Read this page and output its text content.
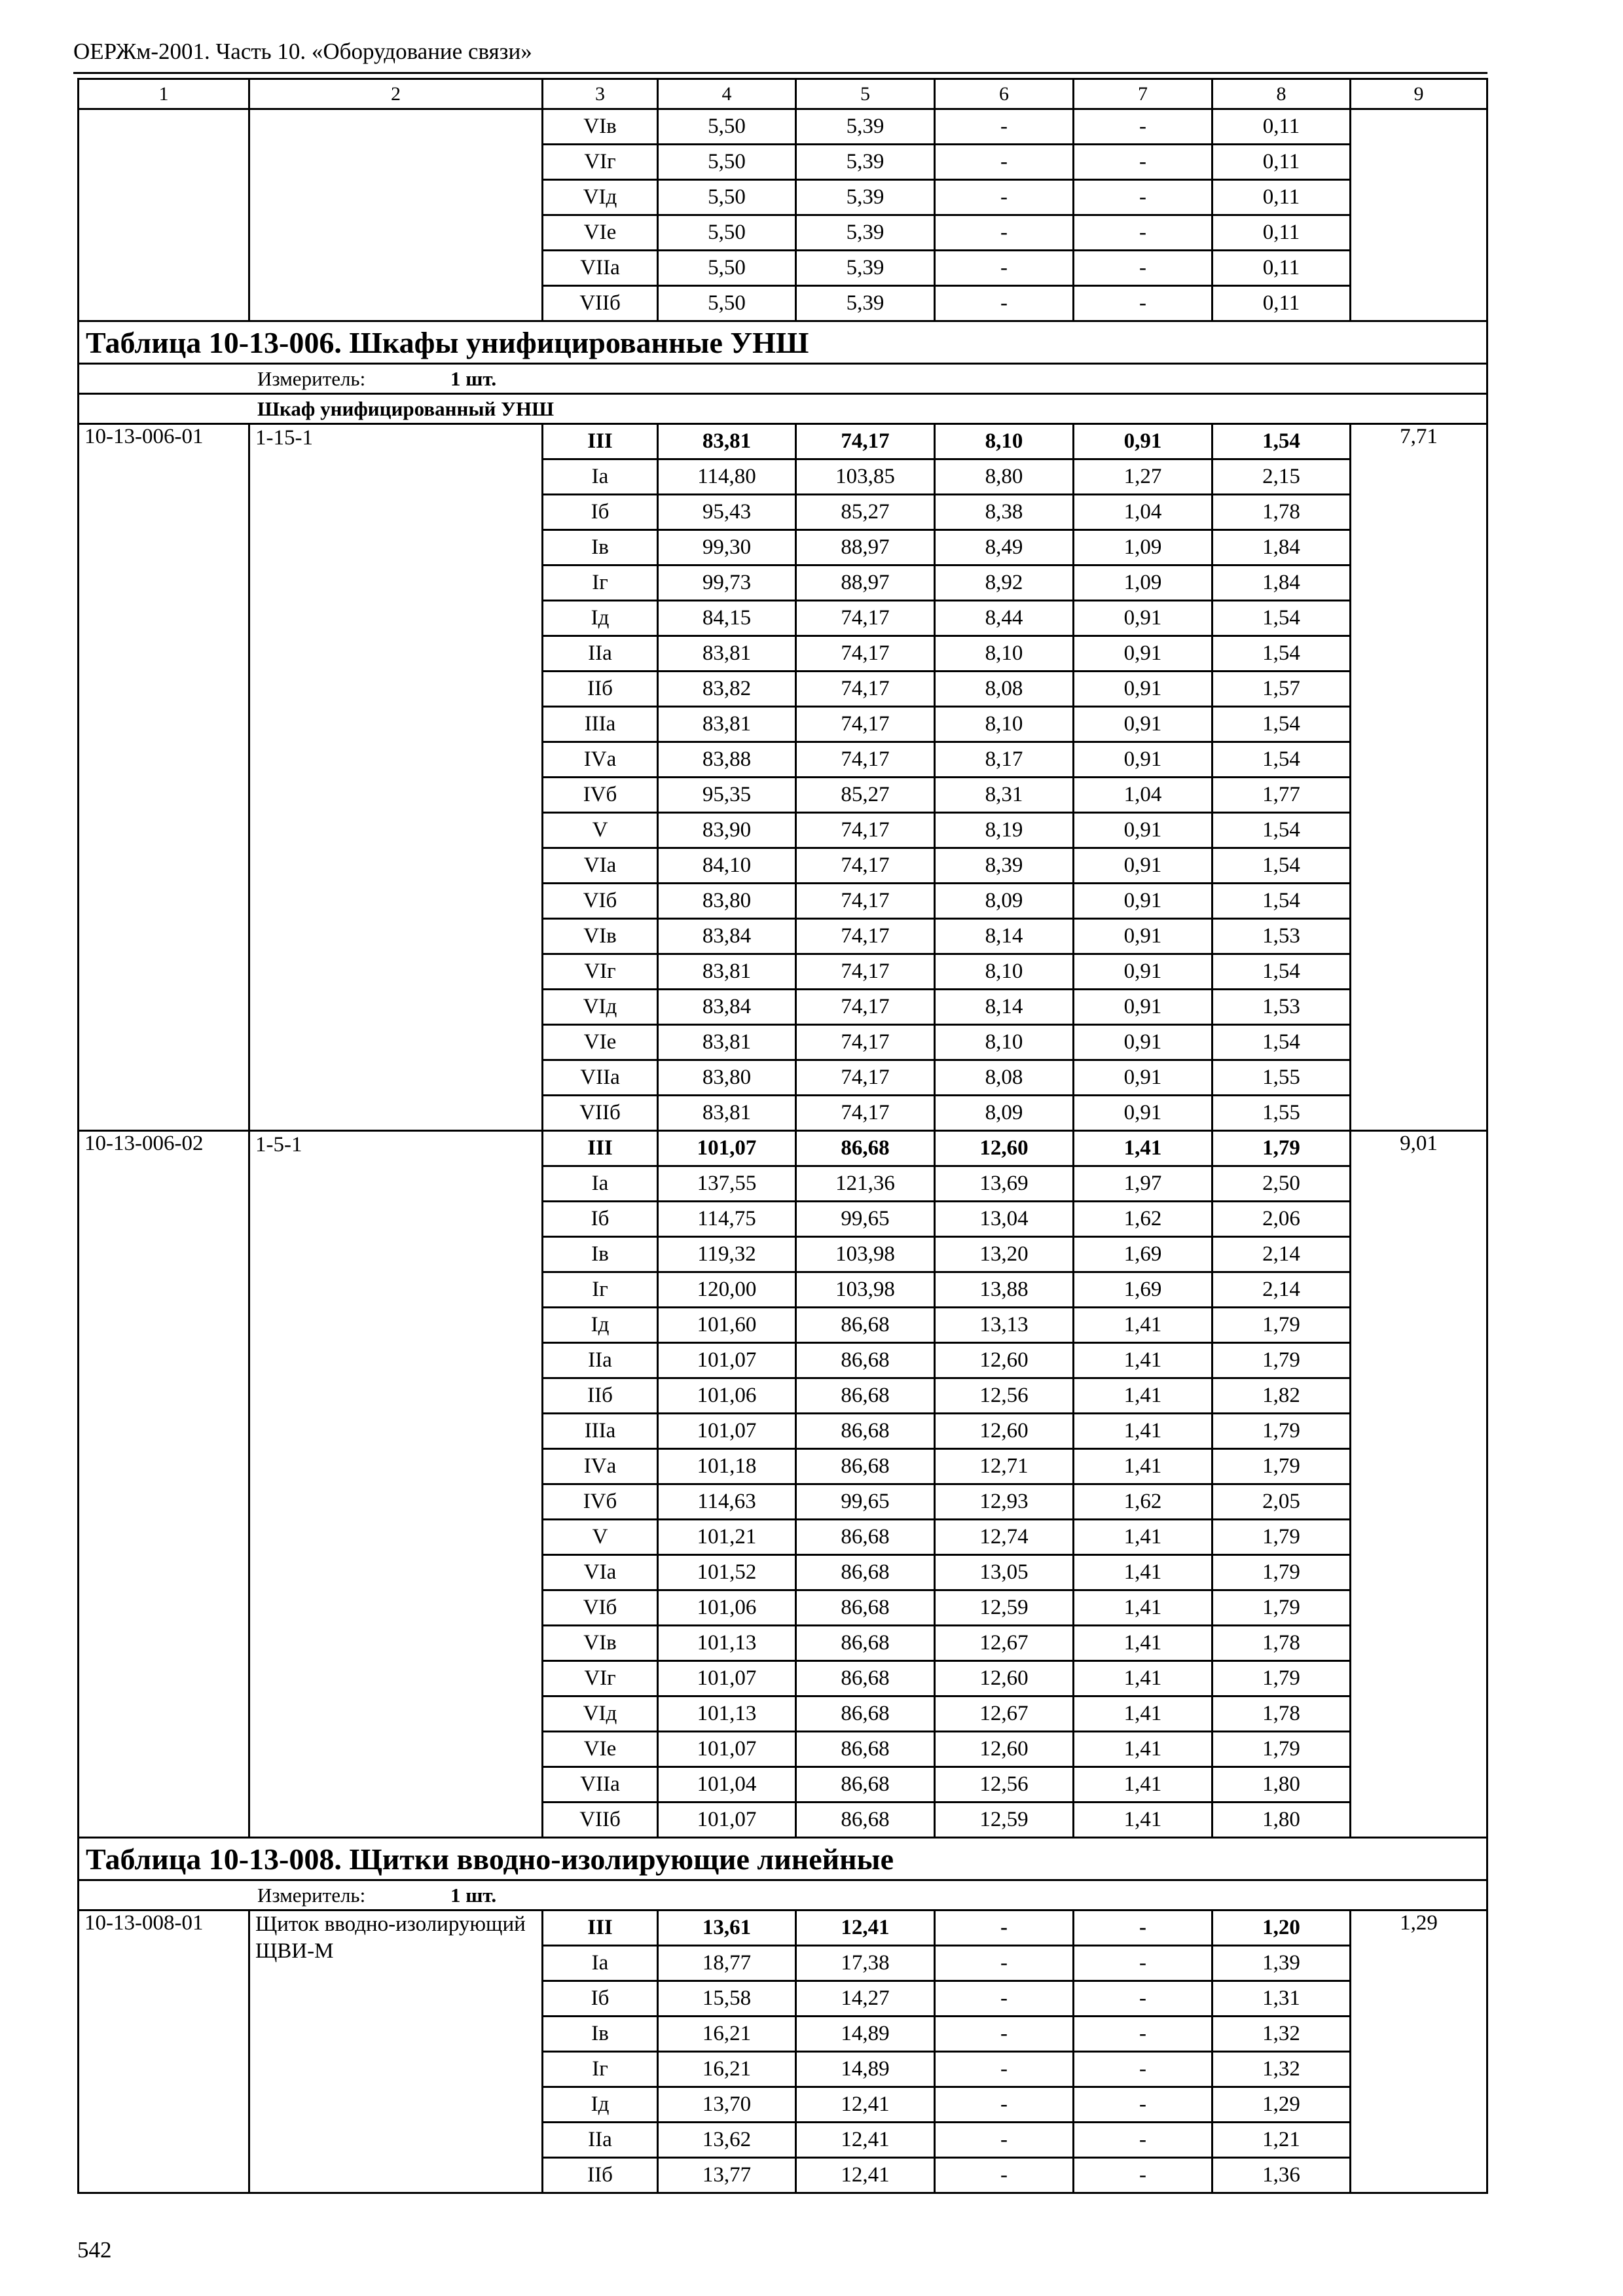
ОЕРЖм-2001. Часть 10. «Оборудование связи»
1	2	3	4	5	6	7	8	9
		VIв	5,50	5,39	-	-	0,11	
		VIг	5,50	5,39	-	-	0,11	
		VIд	5,50	5,39	-	-	0,11	
		VIе	5,50	5,39	-	-	0,11	
		VIIа	5,50	5,39	-	-	0,11	
		VIIб	5,50	5,39	-	-	0,11	
Таблица 10-13-006. Шкафы унифицированные УНШ								
Измеритель: 1 шт.								
Шкаф унифицированный УНШ								
10-13-006-01	1-15-1	III	83,81	74,17	8,10	0,91	1,54	7,71
		Iа	114,80	103,85	8,80	1,27	2,15	
		Iб	95,43	85,27	8,38	1,04	1,78	
		Iв	99,30	88,97	8,49	1,09	1,84	
		Iг	99,73	88,97	8,92	1,09	1,84	
		Iд	84,15	74,17	8,44	0,91	1,54	
		IIа	83,81	74,17	8,10	0,91	1,54	
		IIб	83,82	74,17	8,08	0,91	1,57	
		IIIа	83,81	74,17	8,10	0,91	1,54	
		IVа	83,88	74,17	8,17	0,91	1,54	
		IVб	95,35	85,27	8,31	1,04	1,77	
		V	83,90	74,17	8,19	0,91	1,54	
		VIа	84,10	74,17	8,39	0,91	1,54	
		VIб	83,80	74,17	8,09	0,91	1,54	
		VIв	83,84	74,17	8,14	0,91	1,53	
		VIг	83,81	74,17	8,10	0,91	1,54	
		VIд	83,84	74,17	8,14	0,91	1,53	
		VIе	83,81	74,17	8,10	0,91	1,54	
		VIIа	83,80	74,17	8,08	0,91	1,55	
		VIIб	83,81	74,17	8,09	0,91	1,55	
10-13-006-02	1-5-1	III	101,07	86,68	12,60	1,41	1,79	9,01
		Iа	137,55	121,36	13,69	1,97	2,50	
		Iб	114,75	99,65	13,04	1,62	2,06	
		Iв	119,32	103,98	13,20	1,69	2,14	
		Iг	120,00	103,98	13,88	1,69	2,14	
		Iд	101,60	86,68	13,13	1,41	1,79	
		IIа	101,07	86,68	12,60	1,41	1,79	
		IIб	101,06	86,68	12,56	1,41	1,82	
		IIIа	101,07	86,68	12,60	1,41	1,79	
		IVа	101,18	86,68	12,71	1,41	1,79	
		IVб	114,63	99,65	12,93	1,62	2,05	
		V	101,21	86,68	12,74	1,41	1,79	
		VIа	101,52	86,68	13,05	1,41	1,79	
		VIб	101,06	86,68	12,59	1,41	1,79	
		VIв	101,13	86,68	12,67	1,41	1,78	
		VIг	101,07	86,68	12,60	1,41	1,79	
		VIд	101,13	86,68	12,67	1,41	1,78	
		VIе	101,07	86,68	12,60	1,41	1,79	
		VIIа	101,04	86,68	12,56	1,41	1,80	
		VIIб	101,07	86,68	12,59	1,41	1,80	
Таблица 10-13-008. Щитки вводно-изолирующие линейные								
Измеритель: 1 шт.								
10-13-008-01	Щиток вводно-изолирующий ЩВИ-М	III	13,61	12,41	-	-	1,20	1,29
		Iа	18,77	17,38	-	-	1,39	
		Iб	15,58	14,27	-	-	1,31	
		Iв	16,21	14,89	-	-	1,32	
		Iг	16,21	14,89	-	-	1,32	
		Iд	13,70	12,41	-	-	1,29	
		IIа	13,62	12,41	-	-	1,21	
		IIб	13,77	12,41	-	-	1,36	
542
